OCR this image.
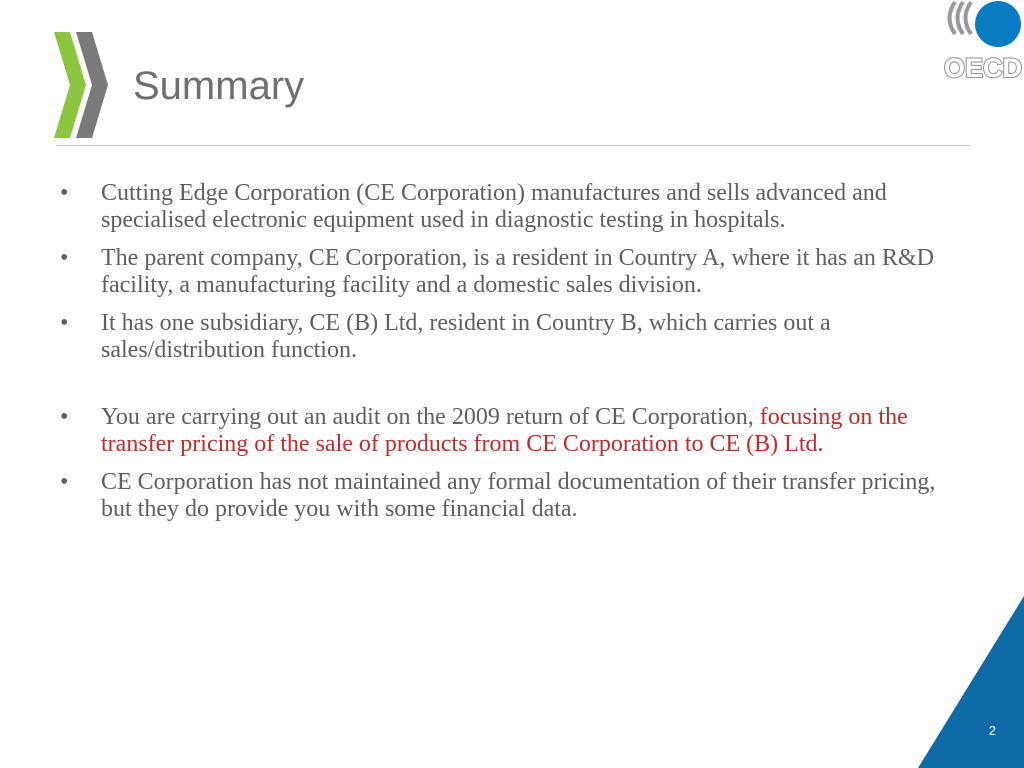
Summary	OECD
• Cutting Edge Corporation (CE Corporation) manufactures and sells advanced and specialised electronic equipment used in diagnostic testing in hospitals.
• The parent company, CE Corporation, is a resident in Country A, where it has an R&D facility, a manufacturing facility and a domestic sales division.
• It has one subsidiary, CE (B) Ltd, resident in Country B, which carries out a sales/distribution function.
• You are carrying out an audit on the 2009 return of CE Corporation, focusing on the transfer pricing of the sale of products from CE Corporation to CE (B) Ltd.
• CE Corporation has not maintained any formal documentation of their transfer pricing, but they do provide you with some financial data.
2
